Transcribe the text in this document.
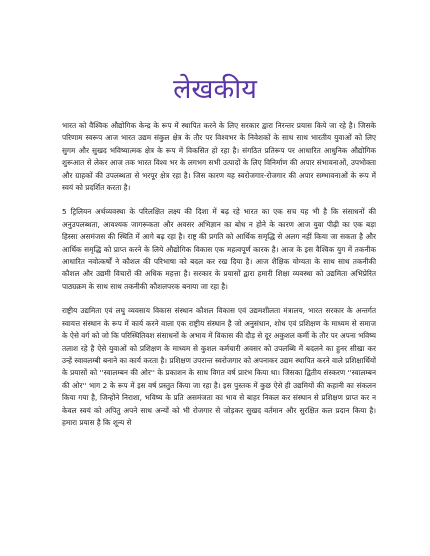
लेखकीय

भारत को वैश्विक औद्योगिक केन्द्र के रूप में स्थापित करने के लिए सरकार द्वारा निरन्तर प्रयास किये जा रहे है। जिसके परिणाम स्वरूप आज भारत उद्यम संकुल क्षेत्र के तौर पर विश्वभर के निवेशकों के साथ साथ भारतीय युवाओं को लिए सुगम और सुखद भविष्यात्मक क्षेत्र के रूप में विकसित हो रहा है। संगठित प्रतिरूप पर आधारित आधुनिक औद्योगिक शुरूआत से लेकर आज तक भारत विश्व भर के लगभग सभी उत्पादों के लिए विनिर्माण की अपार संभावनाओं, उपभोक्ता और ग्राहकों की उपलब्धता से भरपूर क्षेत्र रहा है। जिस कारण यह स्वरोजगार-रोजगार की अपार सम्भावनाओं के रूप में स्वयं को प्रदर्शित करता है।

5 ट्रिलियन अर्थव्यवस्था के परिलक्षित लक्ष्य की दिशा में बढ़ रहे भारत का एक सच यह भी है कि संसाधनों की अनुउपलब्धता, आवश्यक जागरूकता और अवसर अभिज्ञान का बोध न होने के कारण आज युवा पीढ़ी का एक बड़ा हिस्सा असमंजस की स्थिति में आगे बढ़ रहा है। राष्ट्र की प्रगति को आर्थिक समृद्धि से अलग नहीं किया जा सकता है और आर्थिक समृद्धि को प्राप्त करने के लिये औद्योगिक विकास एक महत्वपूर्ण कारक है। आज के इस वैश्विक युग में तकनीक आधारित नवोत्कर्षों ने कौशल की परिभाषा को बदल कर रख दिया है। आज शैक्षिक योग्यता के साथ साथ तकनीकी कौशल और उद्यमी विचारों की अधिक महत्ता है। सरकार के प्रयासों द्वारा हमारी शिक्षा व्यवस्था को उद्यमिता अभिप्रेरित पाठ्यक्रम के साथ साथ तकनीकी कौशलपरक बनाया जा रहा है।

राष्ट्रीय उद्यमिता एवं लघु व्यवसाय विकास संस्थान कौशल विकास एवं उद्यमशीलता मंत्रालय, भारत सरकार के अन्तर्गत स्वायत्त संस्थान के रूप में कार्य करने वाला एक राष्ट्रीय संस्थान है जो अनुसंधान, शोध एवं प्रशिक्षण के माध्यम से समाज के ऐसे वर्ग को जो कि परिस्थितिवश संसाधनों के अभाव में विकास की दौड़ से दूर अकुशल कर्मी के तौर पर अपना भविष्य तलाश रहे है ऐसे युवाओं को प्रशिक्षण के माध्यम से कुशल कर्मचारी अवसर को उपलब्धि में बदलने का हुनर सीखा कर उन्हें स्वावलम्बी बनाने का कार्य करता है। प्रशिक्षण उपरान्त स्वरोजगार को अपनाकर उद्यम स्थापित करने वाले प्रशिक्षार्थियों के प्रयासों को ''स्वालम्बन की ओर'' के प्रकाशन के साथ विगत वर्ष प्रारंभ किया था। जिसका द्वितीय संस्करण ''स्वालम्बन की ओर'' भाग 2 के रूप में इस वर्ष प्रस्तुत किया जा रहा है। इस पुस्तक में कुछ ऐसे ही उद्यमियों की कहानी का संकलन किया गया है, जिन्होंने निराशा, भविष्य के प्रति असमंजता का भाव से बाहर निकल कर संस्थान से प्रशिक्षण प्राप्त कर न केवल स्वयं को अपितु अपने साथ अन्यों को भी रोजगार से जोड़कर सुखद वर्तमान और सुरक्षित कल प्रदान किया है। हमारा प्रयास है कि शून्य से
